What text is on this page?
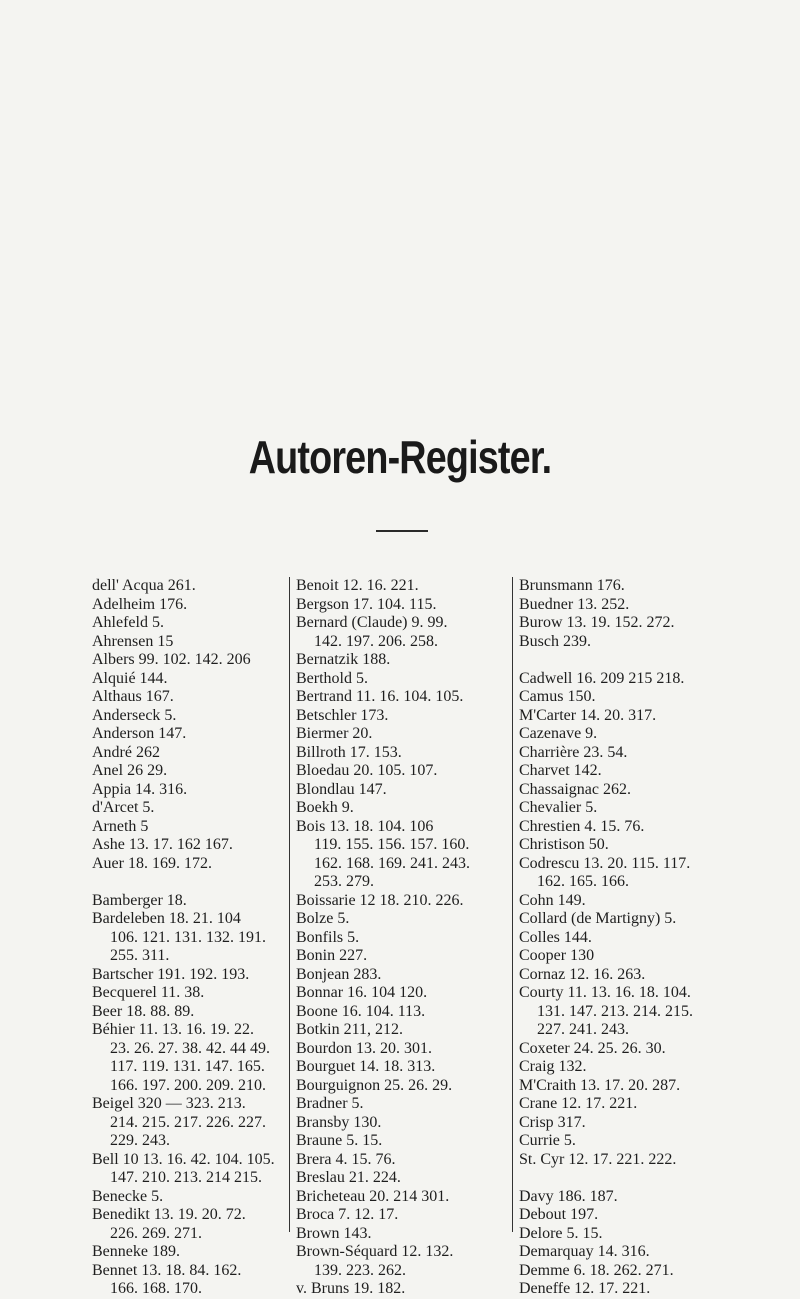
Autoren-Register.
dell' Acqua 261.
Adelheim 176.
Ahlefeld 5.
Ahrensen 15
Albers 99. 102. 142. 206
Alquié 144.
Althaus 167.
Anderseck 5.
Anderson 147.
André 262
Anel 26 29.
Appia 14. 316.
d'Arcet 5.
Arneth 5
Ashe 13. 17. 162 167.
Auer 18. 169. 172.
Bamberger 18.
Bardeleben 18. 21. 104
106. 121. 131. 132. 191.
255. 311.
Bartscher 191. 192. 193.
Becquerel 11. 38.
Beer 18. 88. 89.
Béhier 11. 13. 16. 19. 22.
23. 26. 27. 38. 42. 44 49.
117. 119. 131. 147. 165.
166. 197. 200. 209. 210.
Beigel 320 — 323. 213.
214. 215. 217. 226. 227.
229. 243.
Bell 10 13. 16. 42. 104. 105.
147. 210. 213. 214 215.
Benecke 5.
Benedikt 13. 19. 20. 72.
226. 269. 271.
Benneke 189.
Bennet 13. 18. 84. 162.
166. 168. 170.
Benoit 12. 16. 221.
Bergson 17. 104. 115.
Bernard (Claude) 9. 99.
142. 197. 206. 258.
Bernatzik 188.
Berthold 5.
Bertrand 11. 16. 104. 105.
Betschler 173.
Biermer 20.
Billroth 17. 153.
Bloedau 20. 105. 107.
Blondlau 147.
Boekh 9.
Bois 13. 18. 104. 106
119. 155. 156. 157. 160.
162. 168. 169. 241. 243.
253. 279.
Boissarie 12 18. 210. 226.
Bolze 5.
Bonfils 5.
Bonin 227.
Bonjean 283.
Bonnar 16. 104 120.
Boone 16. 104. 113.
Botkin 211, 212.
Bourdon 13. 20. 301.
Bourguet 14. 18. 313.
Bourguignon 25. 26. 29.
Bradner 5.
Bransby 130.
Braune 5. 15.
Brera 4. 15. 76.
Breslau 21. 224.
Bricheteau 20. 214 301.
Broca 7. 12. 17.
Brown 143.
Brown-Séquard 12. 132.
139. 223. 262.
v. Bruns 19. 182.
Brunsmann 176.
Buedner 13. 252.
Burow 13. 19. 152. 272.
Busch 239.
Cadwell 16. 209 215 218.
Camus 150.
M'Carter 14. 20. 317.
Cazenave 9.
Charrière 23. 54.
Charvet 142.
Chassaignac 262.
Chevalier 5.
Chrestien 4. 15. 76.
Christison 50.
Codrescu 13. 20. 115. 117.
162. 165. 166.
Cohn 149.
Collard (de Martigny) 5.
Colles 144.
Cooper 130
Cornaz 12. 16. 263.
Courty 11. 13. 16. 18. 104.
131. 147. 213. 214. 215.
227. 241. 243.
Coxeter 24. 25. 26. 30.
Craig 132.
M'Craith 13. 17. 20. 287.
Crane 12. 17. 221.
Crisp 317.
Currie 5.
St. Cyr 12. 17. 221. 222.
Davy 186. 187.
Debout 197.
Delore 5. 15.
Demarquay 14. 316.
Demme 6. 18. 262. 271.
Deneffe 12. 17. 221.
